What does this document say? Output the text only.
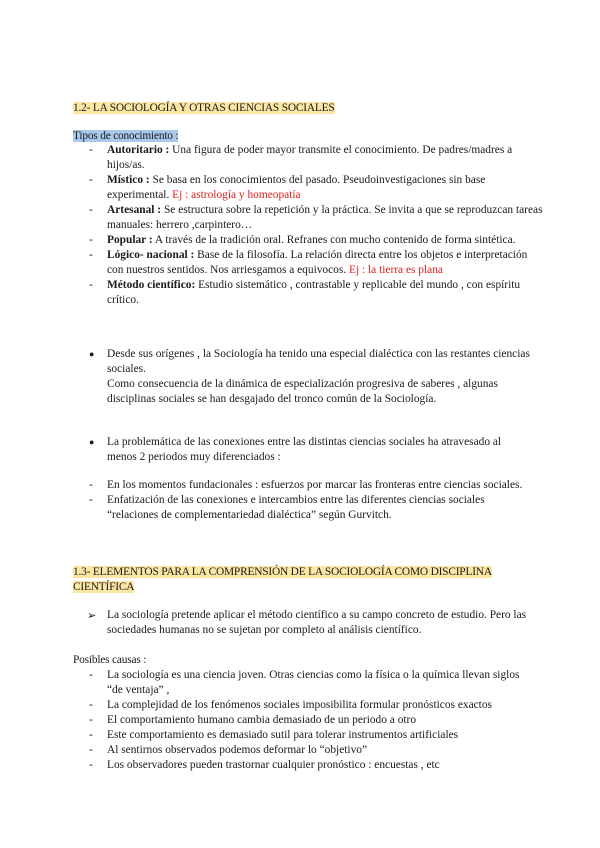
1.2- LA SOCIOLOGÍA Y OTRAS CIENCIAS SOCIALES
Tipos de conocimiento :
- Autoritario : Una figura de poder mayor transmite el conocimiento. De padres/madres a hijos/as.
- Místico : Se basa en los conocimientos del pasado. Pseudoinvestigaciones sin base experimental. Ej : astrología y homeopatía
- Artesanal : Se estructura sobre la repetición y la práctica. Se invita a que se reproduzcan tareas manuales: herrero ,carpintero…
- Popular : A través de la tradición oral. Refranes con mucho contenido de forma sintética.
- Lógico- nacional : Base de la filosofía. La relación directa entre los objetos e interpretación con nuestros sentidos. Nos arriesgamos a equivocos. Ej : la tierra es plana
- Método científico: Estudio sistemático , contrastable y replicable del mundo , con espíritu crítico.
● Desde sus orígenes , la Sociología ha tenido una especial dialéctica con las restantes ciencias sociales.
Como consecuencia de la dinámica de especialización progresiva de saberes , algunas disciplinas sociales se han desgajado del tronco común de la Sociología.
● La problemática de las conexiones entre las distintas ciencias sociales ha atravesado al menos 2 periodos muy diferenciados :
- En los momentos fundacionales : esfuerzos por marcar las fronteras entre ciencias sociales.
- Enfatización de las conexiones e intercambios entre las diferentes ciencias sociales “relaciones de complementariedad dialéctica” según Gurvitch.
1.3- ELEMENTOS PARA LA COMPRENSIÓN DE LA SOCIOLOGÍA COMO DISCIPLINA
CIENTÍFICA
➢ La sociología pretende aplicar el método científico a su campo concreto de estudio. Pero las sociedades humanas no se sujetan por completo al análisis científico.
Posibles causas :
- La sociología es una ciencia joven. Otras ciencias como la física o la química llevan siglos “de ventaja” ,
- La complejidad de los fenómenos sociales imposibilita formular pronósticos exactos
- El comportamiento humano cambia demasiado de un periodo a otro
- Este comportamiento es demasiado sutil para tolerar instrumentos artificiales
- Al sentirnos observados podemos deformar lo “objetivo”
- Los observadores pueden trastornar cualquier pronóstico : encuestas , etc
